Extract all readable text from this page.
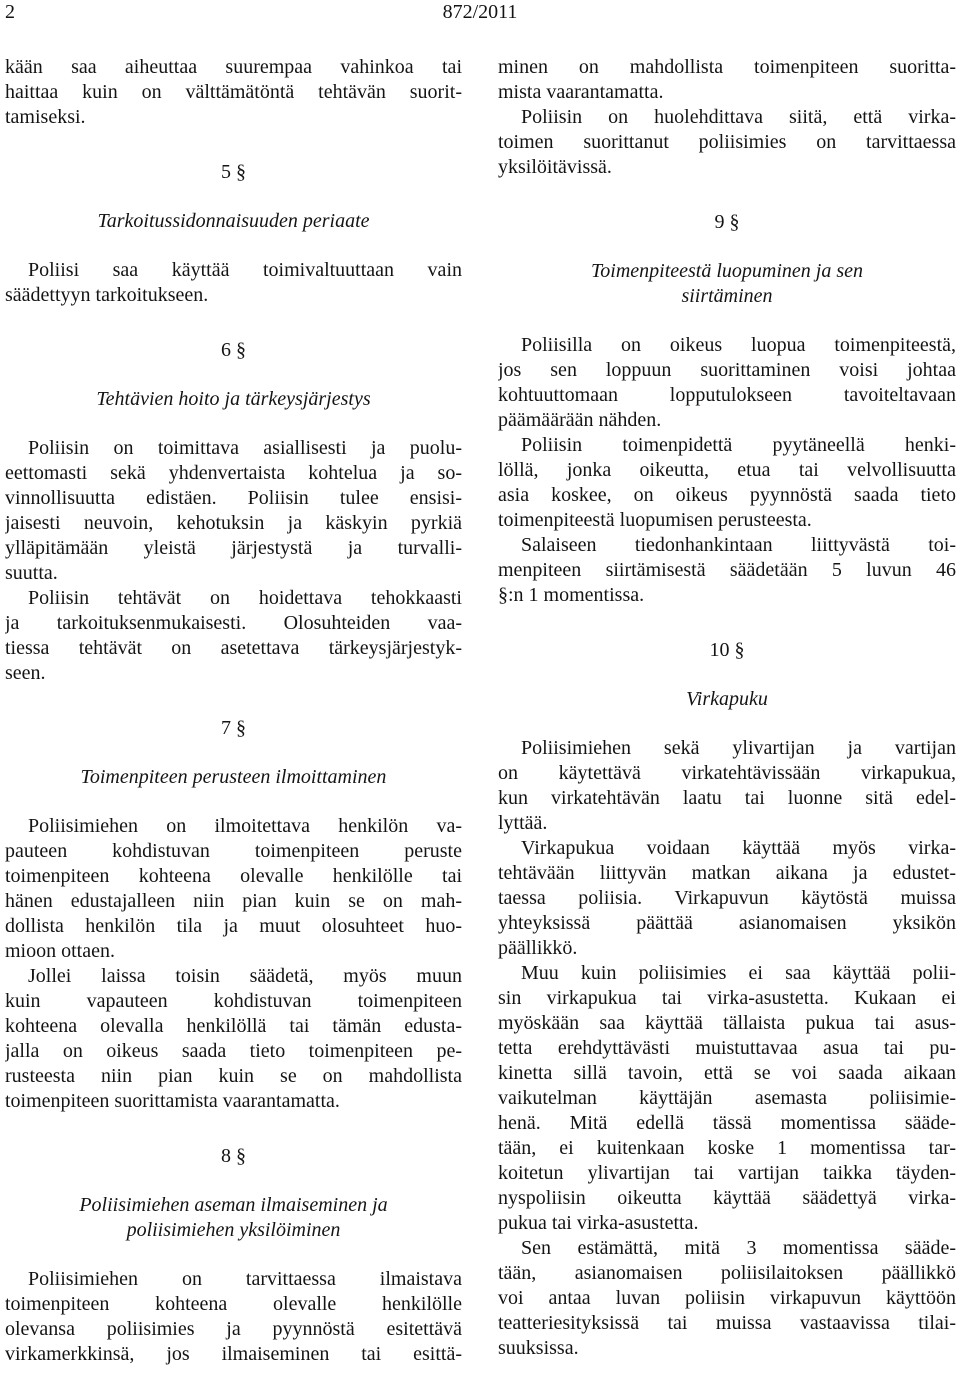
2	872/2011
kään saa aiheuttaa suurempaa vahinkoa tai
haittaa kuin on välttämätöntä tehtävän suorit-
tamiseksi.
5 §
Tarkoitussidonnaisuuden periaate
Poliisi saa käyttää toimivaltuuttaan vain
säädettyyn tarkoitukseen.
6 §
Tehtävien hoito ja tärkeysjärjestys
Poliisin on toimittava asiallisesti ja puolu-
eettomasti sekä yhdenvertaista kohtelua ja so-
vinnollisuutta edistäen. Poliisin tulee ensisi-
jaisesti neuvoin, kehotuksin ja käskyin pyrkiä
ylläpitämään yleistä järjestystä ja turvalli-
suutta.
Poliisin tehtävät on hoidettava tehokkaasti
ja tarkoituksenmukaisesti. Olosuhteiden vaa-
tiessa tehtävät on asetettava tärkeysjärjestyk-
seen.
7 §
Toimenpiteen perusteen ilmoittaminen
Poliisimiehen on ilmoitettava henkilön va-
pauteen kohdistuvan toimenpiteen peruste
toimenpiteen kohteena olevalle henkilölle tai
hänen edustajalleen niin pian kuin se on mah-
dollista henkilön tila ja muut olosuhteet huo-
mioon ottaen.
Jollei laissa toisin säädetä, myös muun
kuin vapauteen kohdistuvan toimenpiteen
kohteena olevalla henkilöllä tai tämän edusta-
jalla on oikeus saada tieto toimenpiteen pe-
rusteesta niin pian kuin se on mahdollista
toimenpiteen suorittamista vaarantamatta.
8 §
Poliisimiehen aseman ilmaiseminen ja
poliisimiehen yksilöiminen
Poliisimiehen on tarvittaessa ilmaistava
toimenpiteen kohteena olevalle henkilölle
olevansa poliisimies ja pyynnöstä esitettävä
virkamerkkinsä, jos ilmaiseminen tai esittä-
minen on mahdollista toimenpiteen suoritta-
mista vaarantamatta.
Poliisin on huolehdittava siitä, että virka-
toimen suorittanut poliisimies on tarvittaessa
yksilöitävissä.
9 §
Toimenpiteestä luopuminen ja sen
siirtäminen
Poliisilla on oikeus luopua toimenpiteestä,
jos sen loppuun suorittaminen voisi johtaa
kohtuuttomaan lopputulokseen tavoiteltavaan
päämäärään nähden.
Poliisin toimenpidettä pyytäneellä henki-
löllä, jonka oikeutta, etua tai velvollisuutta
asia koskee, on oikeus pyynnöstä saada tieto
toimenpiteestä luopumisen perusteesta.
Salaiseen tiedonhankintaan liittyvästä toi-
menpiteen siirtämisestä säädetään 5 luvun 46
§:n 1 momentissa.
10 §
Virkapuku
Poliisimiehen sekä ylivartijan ja vartijan
on käytettävä virkatehtävissään virkapukua,
kun virkatehtävän laatu tai luonne sitä edel-
lyttää.
Virkapukua voidaan käyttää myös virka-
tehtävään liittyvän matkan aikana ja edustet-
taessa poliisia. Virkapuvun käytöstä muissa
yhteyksissä päättää asianomaisen yksikön
päällikkö.
Muu kuin poliisimies ei saa käyttää polii-
sin virkapukua tai virka-asustetta. Kukaan ei
myöskään saa käyttää tällaista pukua tai asus-
tetta erehdyttävästi muistuttavaa asua tai pu-
kinetta sillä tavoin, että se voi saada aikaan
vaikutelman käyttäjän asemasta poliisimie-
henä. Mitä edellä tässä momentissa sääde-
tään, ei kuitenkaan koske 1 momentissa tar-
koitetun ylivartijan tai vartijan taikka täyden-
nyspoliisin oikeutta käyttää säädettyä virka-
pukua tai virka-asustetta.
Sen estämättä, mitä 3 momentissa sääde-
tään, asianomaisen poliisilaitoksen päällikkö
voi antaa luvan poliisin virkapuvun käyttöön
teatteriesityksissä tai muissa vastaavissa tilai-
suuksissa.
